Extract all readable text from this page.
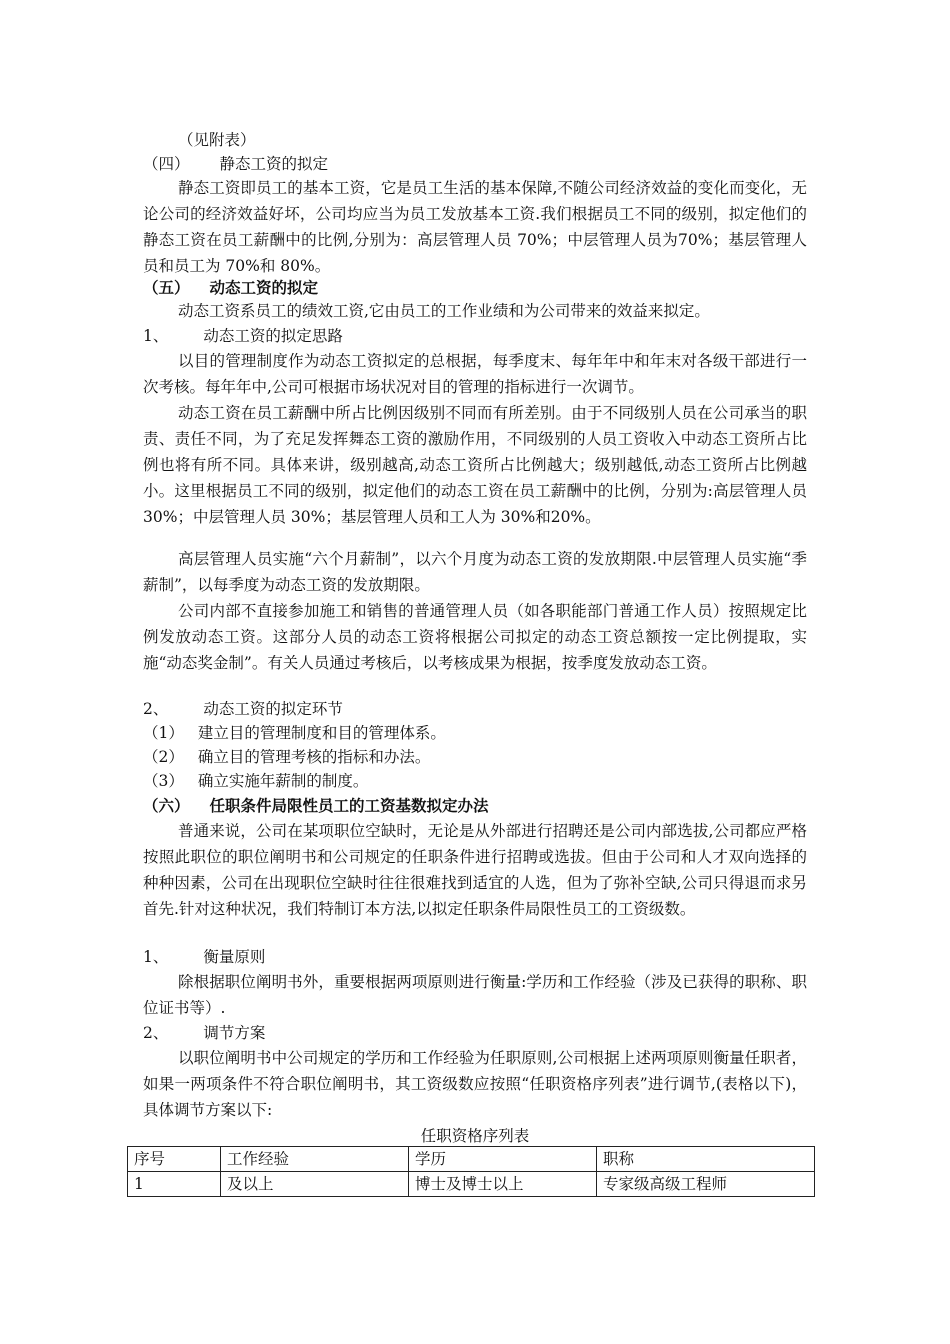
（见附表）
（四） 静态工资的拟定
静态工资即员工的基本工资，它是员工生活的基本保障,不随公司经济效益的变化而变化，无论公司的经济效益好坏，公司均应当为员工发放基本工资.我们根据员工不同的级别，拟定他们的静态工资在员工薪酬中的比例,分别为：高层管理人员 70%；中层管理人员为70%；基层管理人员和员工为 70%和 80%。
（五） 动态工资的拟定
动态工资系员工的绩效工资,它由员工的工作业绩和为公司带来的效益来拟定。
1、 动态工资的拟定思路
以目的管理制度作为动态工资拟定的总根据，每季度末、每年年中和年末对各级干部进行一次考核。每年年中,公司可根据市场状况对目的管理的指标进行一次调节。
动态工资在员工薪酬中所占比例因级别不同而有所差别。由于不同级别人员在公司承当的职责、责任不同，为了充足发挥舞态工资的激励作用，不同级别的人员工资收入中动态工资所占比例也将有所不同。具体来讲，级别越高,动态工资所占比例越大；级别越低,动态工资所占比例越小。这里根据员工不同的级别，拟定他们的动态工资在员工薪酬中的比例，分别为:高层管理人员 30%；中层管理人员 30%；基层管理人员和工人为 30%和20%。
高层管理人员实施“六个月薪制”，以六个月度为动态工资的发放期限.中层管理人员实施“季薪制”，以每季度为动态工资的发放期限。
公司内部不直接参加施工和销售的普通管理人员（如各职能部门普通工作人员）按照规定比例发放动态工资。这部分人员的动态工资将根据公司拟定的动态工资总额按一定比例提取，实施“动态奖金制”。有关人员通过考核后，以考核成果为根据，按季度发放动态工资。
2、 动态工资的拟定环节
（1） 建立目的管理制度和目的管理体系。
（2） 确立目的管理考核的指标和办法。
（3） 确立实施年薪制的制度。
（六） 任职条件局限性员工的工资基数拟定办法
普通来说，公司在某项职位空缺时，无论是从外部进行招聘还是公司内部选拔,公司都应严格按照此职位的职位阐明书和公司规定的任职条件进行招聘或选拔。但由于公司和人才双向选择的种种因素，公司在出现职位空缺时往往很难找到适宜的人选，但为了弥补空缺,公司只得退而求另首先.针对这种状况，我们特制订本方法,以拟定任职条件局限性员工的工资级数。
1、 衡量原则
除根据职位阐明书外，重要根据两项原则进行衡量:学历和工作经验（涉及已获得的职称、职位证书等）.
2、 调节方案
以职位阐明书中公司规定的学历和工作经验为任职原则,公司根据上述两项原则衡量任职者，如果一两项条件不符合职位阐明书，其工资级数应按照“任职资格序列表”进行调节,(表格以下)，具体调节方案以下:
任职资格序列表
序号	工作经验	学历	职称
1	及以上	博士及博士以上	专家级高级工程师
